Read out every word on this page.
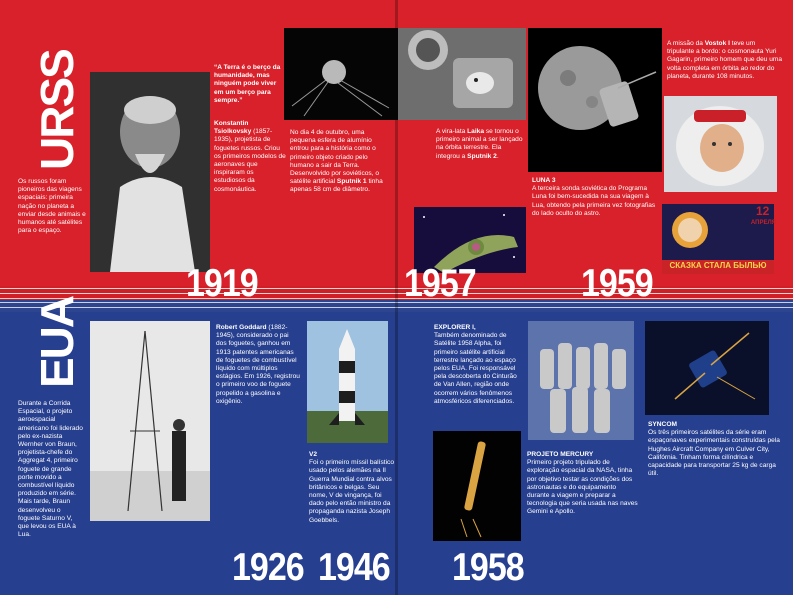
URSS
Os russos foram pioneiros das viagens espaciais: primeira nação no planeta a enviar desde animais e humanos até satélites para o espaço.
“A Terra é o berço da humanidade, mas ninguém pode viver em um berço para sempre.”
Konstantin Tsiolkovsky (1857-1935), projetista de foguetes russos. Criou os primeiros modelos de aeronaves que inspiraram os estudiosos da cosmonáutica.
No dia 4 de outubro, uma pequena esfera de alumínio entrou para a história como o primeiro objeto criado pelo humano a sair da Terra. Desenvolvido por soviéticos, o satélite artificial Sputnik 1 tinha apenas 58 cm de diâmetro.
A vira-lata Laika se tornou o primeiro animal a ser lançado na órbita terrestre. Ela integrou a Sputnik 2.
LUNA 3
A terceira sonda soviética do Programa Luna foi bem-sucedida na sua viagem à Lua, obtendo pela primeira vez fotografias do lado oculto do astro.
A missão da Vostok I teve um tripulante a bordo: o cosmonauta Yuri Gagarin, primeiro homem que deu uma volta completa em órbita ao redor do planeta, durante 108 minutos.
12
АПРЕЛЯ
СКАЗКА СТАЛА БЫЛЬЮ
1919	1957	1959
EUA
Durante a Corrida Espacial, o projeto aeroespacial americano foi liderado pelo ex-nazista Wernher von Braun, projetista-chefe do Aggregat 4, primeiro foguete de grande porte movido a combustível líquido produzido em série. Mais tarde, Braun desenvolveu o foguete Saturno V, que levou os EUA à Lua.
Robert Goddard (1882-1945), considerado o pai dos foguetes, ganhou em 1913 patentes americanas de foguetes de combustível líquido com múltiplos estágios. Em 1926, registrou o primeiro voo de foguete propelido a gasolina e oxigênio.
V2
Foi o primeiro míssil balístico usado pelos alemães na II Guerra Mundial contra alvos britânicos e belgas. Seu nome, V de vingança, foi dado pelo então ministro da propaganda nazista Joseph Goebbels.
EXPLORER I,
Também denominado de Satélite 1958 Alpha, foi primeiro satélite artificial terrestre lançado ao espaço pelos EUA. Foi responsável pela descoberta do Cinturão de Van Allen, região onde ocorrem vários fenômenos atmosféricos diferenciados.
PROJETO MERCURY
Primeiro projeto tripulado de exploração espacial da NASA, tinha por objetivo testar as condições dos astronautas e do equipamento durante a viagem e preparar a tecnologia que seria usada nas naves Gemini e Apollo.
SYNCOM
Os três primeiros satélites da série eram espaçonaves experimentais construídas pela Hughes Aircraft Company em Culver City, Califórnia. Tinham forma cilíndrica e capacidade para transportar 25 kg de carga útil.
1926 1946 1958
